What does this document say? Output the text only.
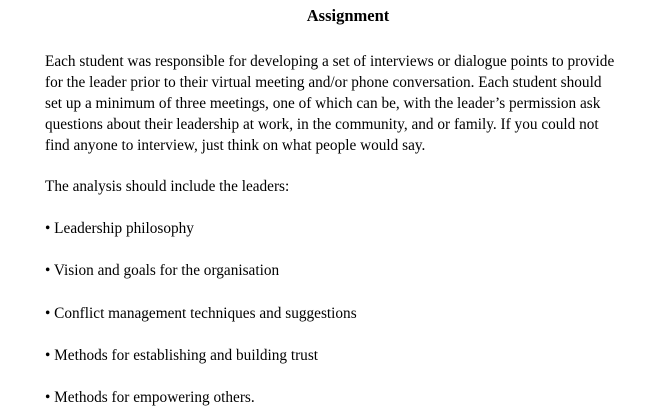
Assignment

Each student was responsible for developing a set of interviews or dialogue points to provide
for the leader prior to their virtual meeting and/or phone conversation. Each student should
set up a minimum of three meetings, one of which can be, with the leader’s permission ask
questions about their leadership at work, in the community, and or family. If you could not
find anyone to interview, just think on what people would say.

The analysis should include the leaders:
• Leadership philosophy
• Vision and goals for the organisation
• Conflict management techniques and suggestions
• Methods for establishing and building trust
• Methods for empowering others.
